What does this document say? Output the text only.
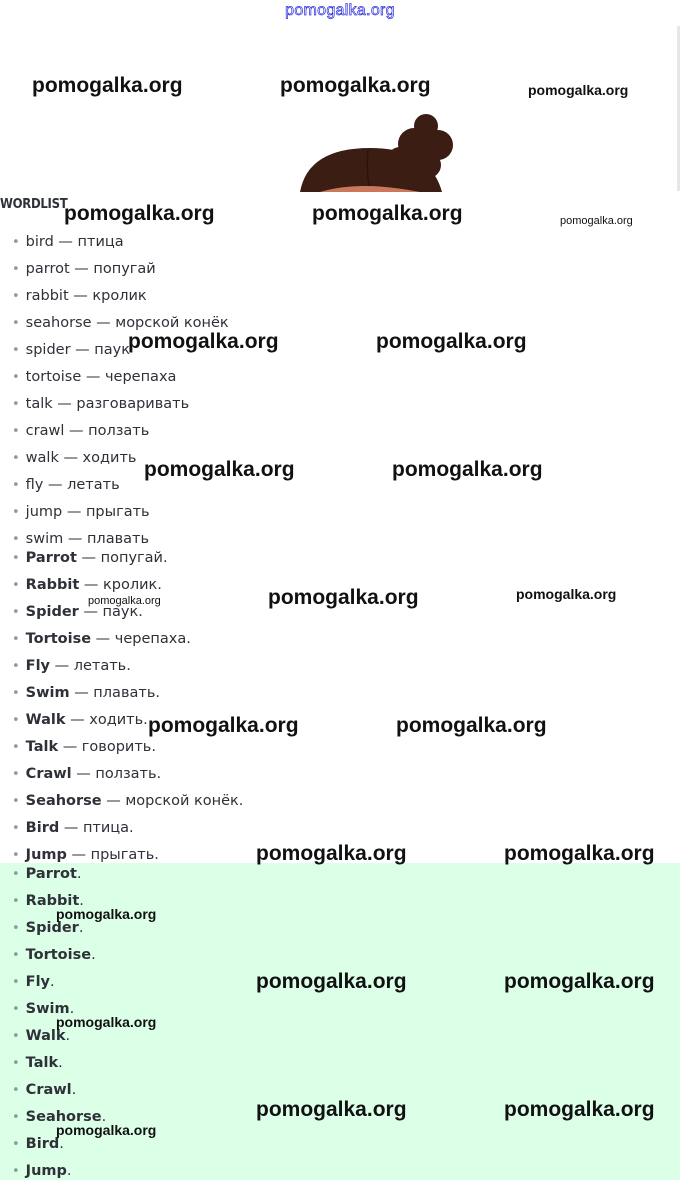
pomogalka.org
WORDLIST
• bird — птица
• parrot — попугай
• rabbit — кролик
• seahorse — морской конёк
• spider — паук
• tortoise — черепаха
• talk — разговаривать
• crawl — ползать
• walk — ходить
• fly — летать
• jump — прыгать
• swim — плавать
• Parrot — попугай.
• Rabbit — кролик.
• Spider — паук.
• Tortoise — черепаха.
• Fly — летать.
• Swim — плавать.
• Walk — ходить.
• Talk — говорить.
• Crawl — ползать.
• Seahorse — морской конёк.
• Bird — птица.
• Jump — прыгать.
• Parrot.
• Rabbit.
• Spider.
• Tortoise.
• Fly.
• Swim.
• Walk.
• Talk.
• Crawl.
• Seahorse.
• Bird.
• Jump.
pomogalka.org	pomogalka.org	pomogalka.org
pomogalka.org	pomogalka.org	pomogalka.org
pomogalka.org	pomogalka.org
pomogalka.org	pomogalka.org
pomogalka.org	pomogalka.org	pomogalka.org
pomogalka.org	pomogalka.org
pomogalka.org	pomogalka.org
pomogalka.org
pomogalka.org	pomogalka.org
pomogalka.org
pomogalka.org	pomogalka.org
pomogalka.org
